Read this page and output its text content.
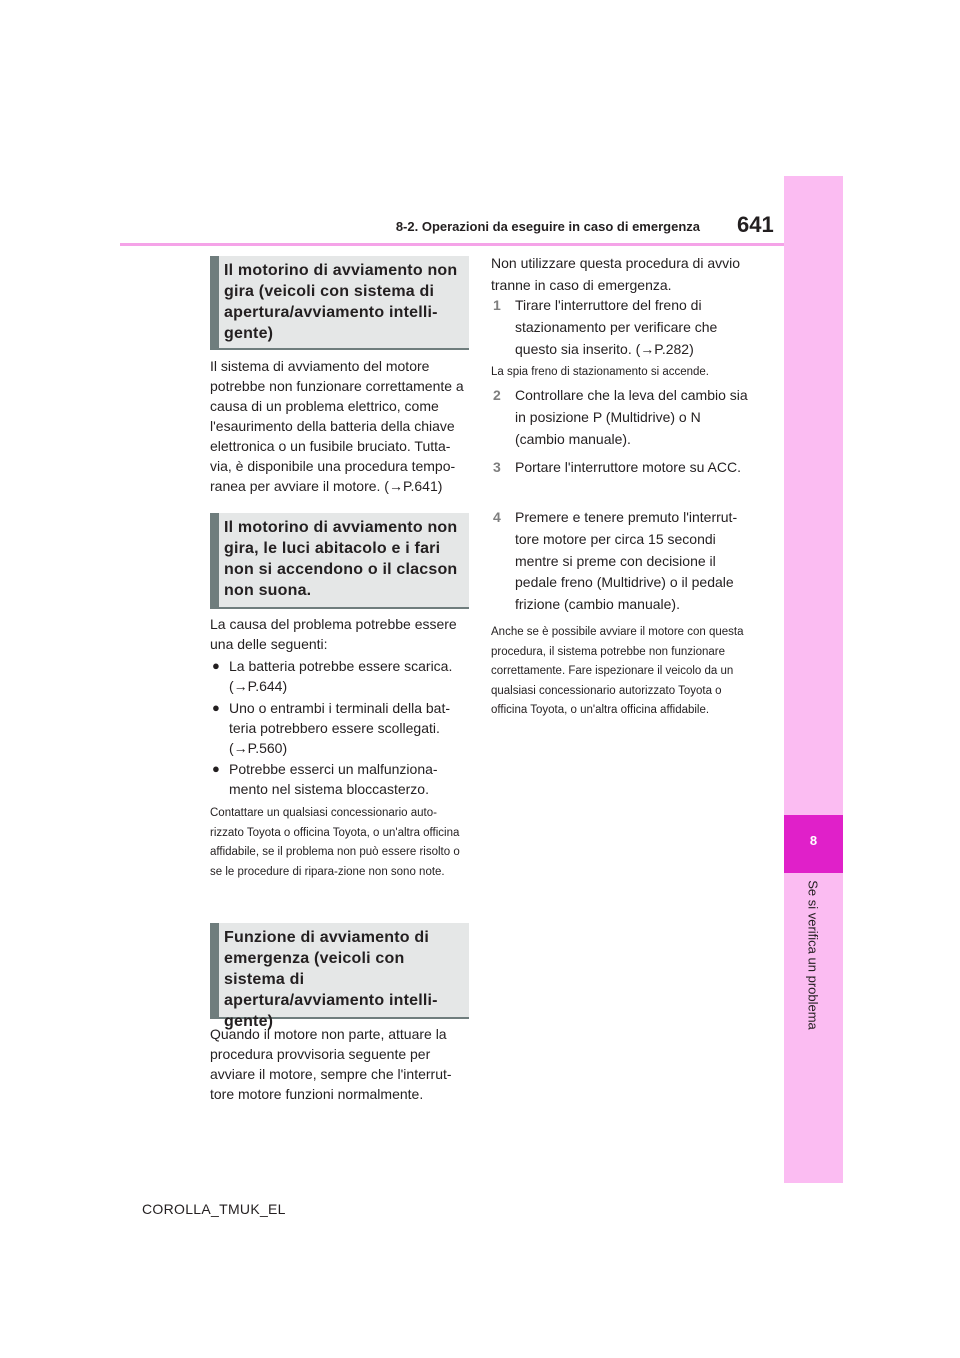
8
Se si verifica un problema
8-2. Operazioni da eseguire in caso di emergenza 641
Il motorino di avviamento non gira (veicoli con sistema di apertura/avviamento intelli-gente)

Il sistema di avviamento del motore potrebbe non funzionare correttamente a causa di un problema elettrico, come l'esaurimento della batteria della chiave elettronica o un fusibile bruciato. Tutta-via, è disponibile una procedura tempo-ranea per avviare il motore. (→P.641)

Il motorino di avviamento non gira, le luci abitacolo e i fari non si accendono o il clacson non suona.

La causa del problema potrebbe essere una delle seguenti:

● La batteria potrebbe essere scarica. (→P.644)
● Uno o entrambi i terminali della bat-teria potrebbero essere scollegati. (→P.560)
● Potrebbe esserci un malfunziona-mento nel sistema bloccasterzo.

Contattare un qualsiasi concessionario auto-rizzato Toyota o officina Toyota, o un'altra officina affidabile, se il problema non può essere risolto o se le procedure di ripara-zione non sono note.

Funzione di avviamento di emergenza (veicoli con sistema di apertura/avviamento intelli-gente)

Quando il motore non parte, attuare la procedura provvisoria seguente per avviare il motore, sempre che l'interrut-tore motore funzioni normalmente.

Non utilizzare questa procedura di avvio tranne in caso di emergenza.

1	Tirare l'interruttore del freno di stazionamento per verificare che questo sia inserito. (→P.282)

La spia freno di stazionamento si accende.

2	Controllare che la leva del cambio sia in posizione P (Multidrive) o N (cambio manuale).
3	Portare l'interruttore motore su ACC.
4	Premere e tenere premuto l'interrut-tore motore per circa 15 secondi mentre si preme con decisione il pedale freno (Multidrive) o il pedale frizione (cambio manuale).

Anche se è possibile avviare il motore con questa procedura, il sistema potrebbe non funzionare correttamente. Fare ispezionare il veicolo da un qualsiasi concessionario autorizzato Toyota o officina Toyota, o un'altra officina affidabile.

COROLLA_TMUK_EL
